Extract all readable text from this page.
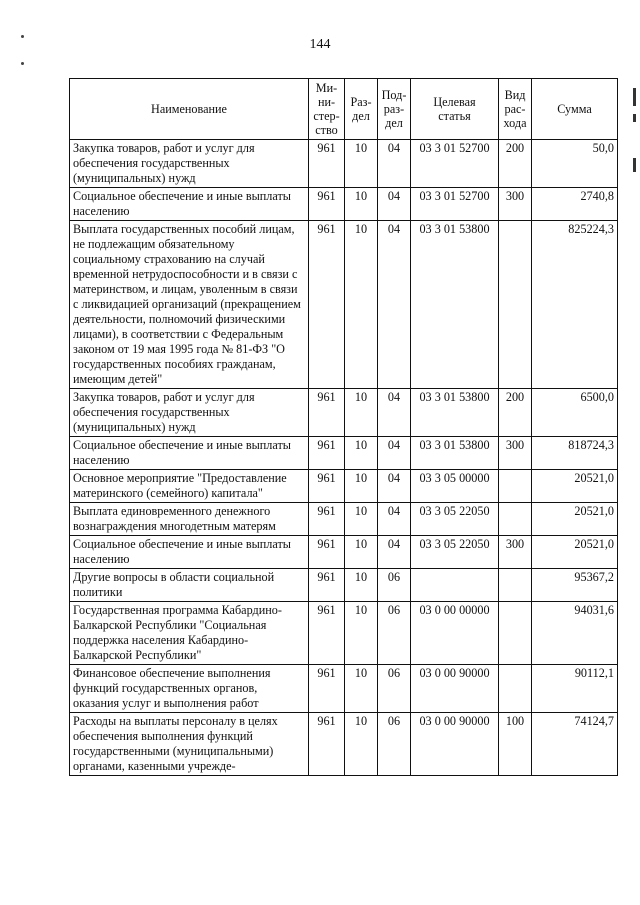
144
Наименование	Ми-
ни-
стер-
ство	Раз-
дел	Под-
раз-
дел	Целевая
статья	Вид
рас-
хода	Сумма
Закупка товаров, работ и услуг для обеспечения государственных (муниципальных) нужд	961	10	04	03 3 01 52700	200	50,0
Социальное обеспечение и иные выплаты населению	961	10	04	03 3 01 52700	300	2740,8
Выплата государственных пособий лицам, не подлежащим обязательному социальному страхованию на случай временной нетрудоспособности и в связи с материнством, и лицам, уволенным в связи с ликвидацией организаций (прекращением деятельности, полномочий физическими лицами), в соответствии с Федеральным законом от 19 мая 1995 года № 81-ФЗ "О государственных пособиях гражданам, имеющим детей"	961	10	04	03 3 01 53800		825224,3
Закупка товаров, работ и услуг для обеспечения государственных (муниципальных) нужд	961	10	04	03 3 01 53800	200	6500,0
Социальное обеспечение и иные выплаты населению	961	10	04	03 3 01 53800	300	818724,3
Основное мероприятие "Предоставление материнского (семейного) капитала"	961	10	04	03 3 05 00000		20521,0
Выплата единовременного денежного вознаграждения многодетным матерям	961	10	04	03 3 05 22050		20521,0
Социальное обеспечение и иные выплаты населению	961	10	04	03 3 05 22050	300	20521,0
Другие вопросы в области социальной политики	961	10	06			95367,2
Государственная программа Кабардино-Балкарской Республики "Социальная поддержка населения Кабардино-Балкарской Республики"	961	10	06	03 0 00 00000		94031,6
Финансовое обеспечение выполнения функций государственных органов, оказания услуг и выполнения работ	961	10	06	03 0 00 90000		90112,1
Расходы на выплаты персоналу в целях обеспечения выполнения функций государственными (муниципальными) органами, казенными учрежде-	961	10	06	03 0 00 90000	100	74124,7
